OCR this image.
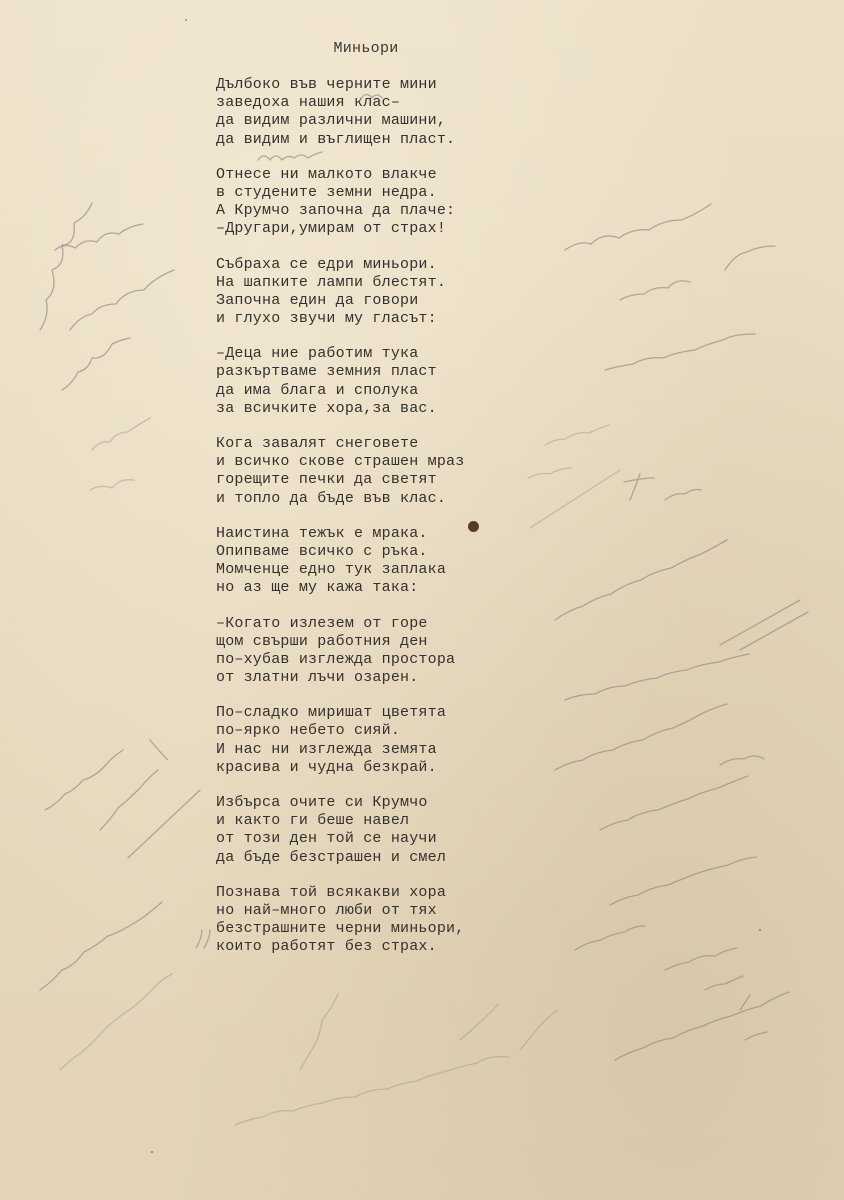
Миньори
Дълбоко във черните мини
заведоха нашия клас–
да видим различни машини,
да видим и въглищен пласт.
Отнесе ни малкото влакче
в студените земни недра.
А Крумчо започна да плаче:
–Другари,умирам от страх!
Събраха се едри миньори.
На шапките лампи блестят.
Започна един да говори
и глухо звучи му гласът:
–Деца ние работим тука
разкъртваме земния пласт
да има блага и сполука
за всичките хора,за вас.
Кога завалят снеговете
и всичко скове страшен мраз
горещите печки да светят
и топло да бъде във клас.
Наистина тежък е мрака.
Опипваме всичко с ръка.
Момченце едно тук заплака
но аз ще му кажа така:
–Когато излезем от горе
щом свърши работния ден
по–хубав изглежда простора
от златни лъчи озарен.
По–сладко миришат цветята
по–ярко небето сияй.
И нас ни изглежда земята
красива и чудна безкрай.
Избърса очите си Крумчо
и както ги беше навел
от този ден той се научи
да бъде безстрашен и смел
Познава той всякакви хора
но най–много люби от тях
безстрашните черни миньори,
които работят без страх.
